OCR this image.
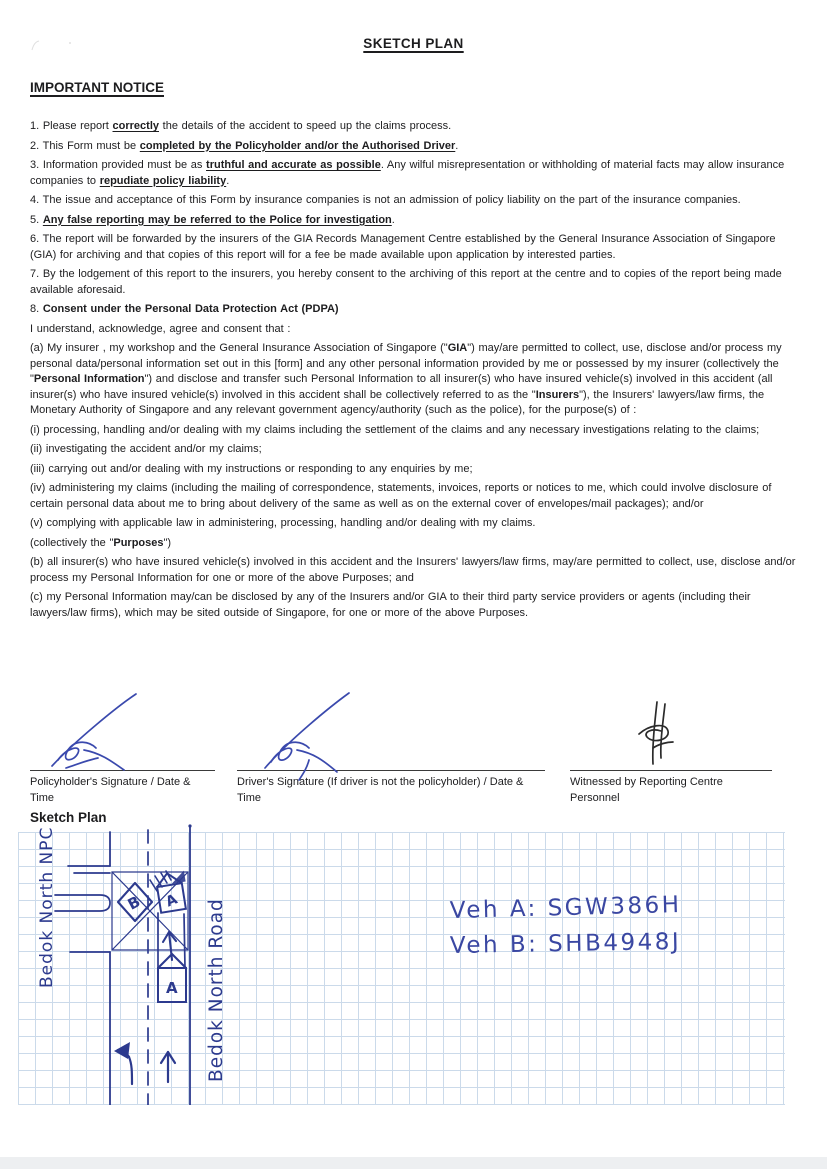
SKETCH PLAN

IMPORTANT NOTICE

1. Please report correctly the details of the accident to speed up the claims process.

2. This Form must be completed by the Policyholder and/or the Authorised Driver.

3. Information provided must be as truthful and accurate as possible. Any wilful misrepresentation or withholding of material facts may allow insurance companies to repudiate policy liability.

4. The issue and acceptance of this Form by insurance companies is not an admission of policy liability on the part of the insurance companies.

5. Any false reporting may be referred to the Police for investigation.

6. The report will be forwarded by the insurers of the GIA Records Management Centre established by the General Insurance Association of Singapore (GIA) for archiving and that copies of this report will for a fee be made available upon application by interested parties.

7. By the lodgement of this report to the insurers, you hereby consent to the archiving of this report at the centre and to copies of the report being made available aforesaid.

8. Consent under the Personal Data Protection Act (PDPA)

I understand, acknowledge, agree and consent that :

(a) My insurer , my workshop and the General Insurance Association of Singapore ("GIA") may/are permitted to collect, use, disclose and/or process my personal data/personal information set out in this [form] and any other personal information provided by me or possessed by my insurer (collectively the "Personal Information") and disclose and transfer such Personal Information to all insurer(s) who have insured vehicle(s) involved in this accident (all insurer(s) who have insured vehicle(s) involved in this accident shall be collectively referred to as the "Insurers"), the Insurers' lawyers/law firms, the Monetary Authority of Singapore and any relevant government agency/authority (such as the police), for the purpose(s) of :

(i) processing, handling and/or dealing with my claims including the settlement of the claims and any necessary investigations relating to the claims;

(ii) investigating the accident and/or my claims;

(iii) carrying out and/or dealing with my instructions or responding to any enquiries by me;

(iv) administering my claims (including the mailing of correspondence, statements, invoices, reports or notices to me, which could involve disclosure of certain personal data about me to bring about delivery of the same as well as on the external cover of envelopes/mail packages); and/or

(v) complying with applicable law in administering, processing, handling and/or dealing with my claims.

(collectively the "Purposes")

(b) all insurer(s) who have insured vehicle(s) involved in this accident and the Insurers' lawyers/law firms, may/are permitted to collect, use, disclose and/or process my Personal Information for one or more of the above Purposes; and

(c) my Personal Information may/can be disclosed by any of the Insurers and/or GIA to their third party service providers or agents (including their lawyers/law firms), which may be sited outside of Singapore, for one or more of the above Purposes.

Policyholder's Signature / Date & Time
Driver's Signature (If driver is not the policyholder) / Date & Time
Witnessed by Reporting Centre Personnel
Sketch Plan
B A
A
Bedok North NPC	Bedok North Road	Veh A: SGW386H
Veh B: SHB4948J
